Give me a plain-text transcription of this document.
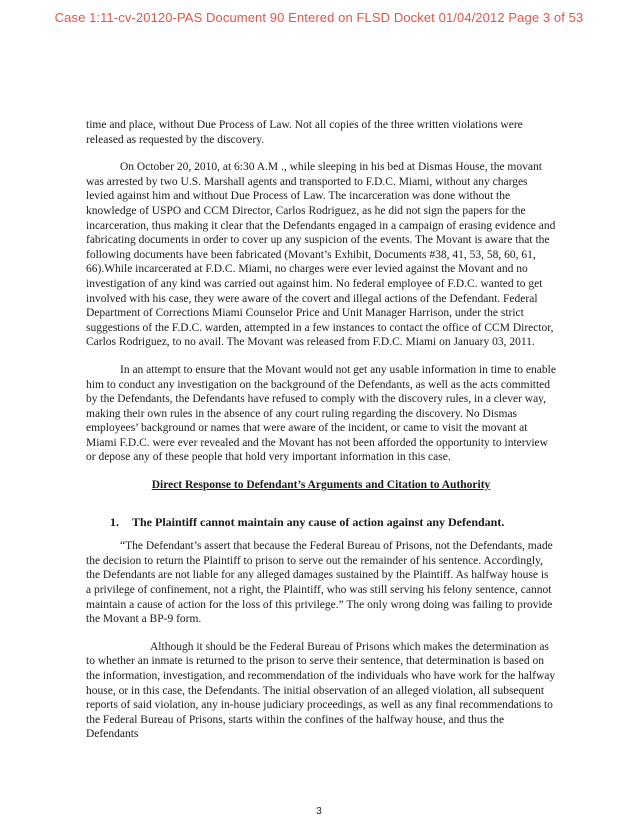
Case 1:11-cv-20120-PAS Document 90 Entered on FLSD Docket 01/04/2012 Page 3 of 53

time and place, without Due Process of Law. Not all copies of the three written violations were released as requested by the discovery.

On October 20, 2010, at 6:30 A.M ., while sleeping in his bed at Dismas House, the movant was arrested by two U.S. Marshall agents and transported to F.D.C. Miami, without any charges levied against him and without Due Process of Law. The incarceration was done without the knowledge of USPO and CCM Director, Carlos Rodriguez, as he did not sign the papers for the incarceration, thus making it clear that the Defendants engaged in a campaign of erasing evidence and fabricating documents in order to cover up any suspicion of the events. The Movant is aware that the following documents have been fabricated (Movant’s Exhibit, Documents #38, 41, 53, 58, 60, 61, 66).While incarcerated at F.D.C. Miami, no charges were ever levied against the Movant and no investigation of any kind was carried out against him. No federal employee of F.D.C. wanted to get involved with his case, they were aware of the covert and illegal actions of the Defendant. Federal Department of Corrections Miami Counselor Price and Unit Manager Harrison, under the strict suggestions of the F.D.C. warden, attempted in a few instances to contact the office of CCM Director, Carlos Rodriguez, to no avail. The Movant was released from F.D.C. Miami on January 03, 2011.

In an attempt to ensure that the Movant would not get any usable information in time to enable him to conduct any investigation on the background of the Defendants, as well as the acts committed by the Defendants, the Defendants have refused to comply with the discovery rules, in a clever way, making their own rules in the absence of any court ruling regarding the discovery. No Dismas employees’ background or names that were aware of the incident, or came to visit the movant at Miami F.D.C. were ever revealed and the Movant has not been afforded the opportunity to interview or depose any of these people that hold very important information in this case.

Direct Response to Defendant’s Arguments and Citation to Authority

1. The Plaintiff cannot maintain any cause of action against any Defendant.

“The Defendant’s assert that because the Federal Bureau of Prisons, not the Defendants, made the decision to return the Plaintiff to prison to serve out the remainder of his sentence. Accordingly, the Defendants are not liable for any alleged damages sustained by the Plaintiff. As halfway house is a privilege of confinement, not a right, the Plaintiff, who was still serving his felony sentence, cannot maintain a cause of action for the loss of this privilege.” The only wrong doing was failing to provide the Movant a BP-9 form.

Although it should be the Federal Bureau of Prisons which makes the determination as to whether an inmate is returned to the prison to serve their sentence, that determination is based on the information, investigation, and recommendation of the individuals who have work for the halfway house, or in this case, the Defendants. The initial observation of an alleged violation, all subsequent reports of said violation, any in-house judiciary proceedings, as well as any final recommendations to the Federal Bureau of Prisons, starts within the confines of the halfway house, and thus the Defendants

3
